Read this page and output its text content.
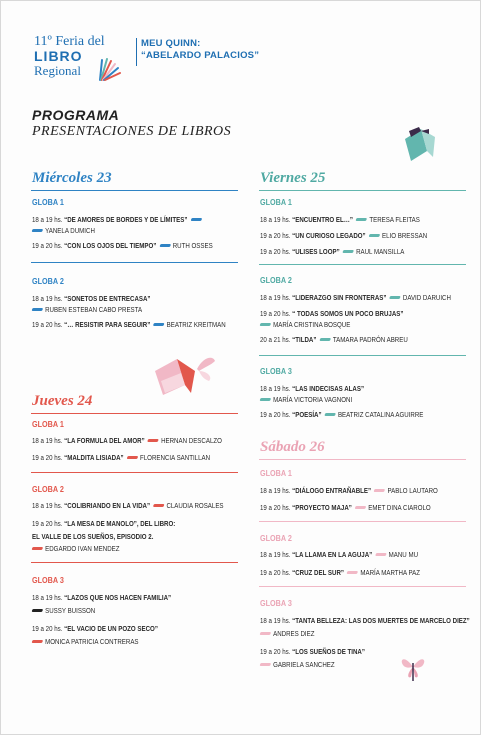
11º Feria del
LIBRO
Regional
MEU QUINN:
“ABELARDO PALACIOS”
PROGRAMA
PRESENTACIONES DE LIBROS
Miércoles 23
GLOBA 1
18 a 19 hs. “DE AMORES DE BORDES Y DE LÍMITES”
YANELA DUMICH
19 a 20 hs. “CON LOS OJOS DEL TIEMPO” RUTH OSSES
GLOBA 2
18 a 19 hs. “SONETOS DE ENTRECASA”
RUBEN ESTEBAN CABO PRESTA
19 a 20 hs. “… RESISTIR PARA SEGUIR” BEATRIZ KREITMAN
Jueves 24
GLOBA 1
18 a 19 hs. “LA FORMULA DEL AMOR” HERNAN DESCALZO
19 a 20 hs. “MALDITA LISIADA” FLORENCIA SANTILLAN
GLOBA 2
18 a 19 hs. “COLIBRIANDO EN LA VIDA” CLAUDIA ROSALES
19 a 20 hs. “LA MESA DE MANOLO”, DEL LIBRO:
EL VALLE DE LOS SUEÑOS, EPISODIO 2.
EDGARDO IVAN MENDEZ
GLOBA 3
18 a 19 hs. “LAZOS QUE NOS HACEN FAMILIA”
SUSSY BUISSON
19 a 20 hs. “EL VACIO DE UN POZO SECO”
MONICA PATRICIA CONTRERAS
Viernes 25
GLOBA 1
18 a 19 hs. “ENCUENTRO EL…” TERESA FLEITAS
19 a 20 hs. “UN CURIOSO LEGADO” ELIO BRESSAN
19 a 20 hs. “ULISES LOOP” RAUL MANSILLA
GLOBA 2
18 a 19 hs. “LIDERAZGO SIN FRONTERAS” DAVID DARUICH
19 a 20 hs. “ TODAS SOMOS UN POCO BRUJAS”
MARÍA CRISTINA BOSQUE
20 a 21 hs. “TILDA” TAMARA PADRÓN ABREU
GLOBA 3
18 a 19 hs. “LAS INDECISAS ALAS”
MARÍA VICTORIA VAGNONI
19 a 20 hs. “POESÍA” BEATRIZ CATALINA AGUIRRE
Sábado 26
GLOBA 1
18 a 19 hs. “DIÁLOGO ENTRAÑABLE” PABLO LAUTARO
19 a 20 hs. “PROYECTO MAJA” EMET DINA CIAROLO
GLOBA 2
18 a 19 hs. “LA LLAMA EN LA AGUJA” MANU MU
19 a 20 hs. “CRUZ DEL SUR” MARÍA MARTHA PAZ
GLOBA 3
18 a 19 hs. “TANTA BELLEZA: LAS DOS MUERTES DE MARCELO DIEZ”
ANDRES DIEZ
19 a 20 hs. “LOS SUEÑOS DE TINA”
GABRIELA SANCHEZ
